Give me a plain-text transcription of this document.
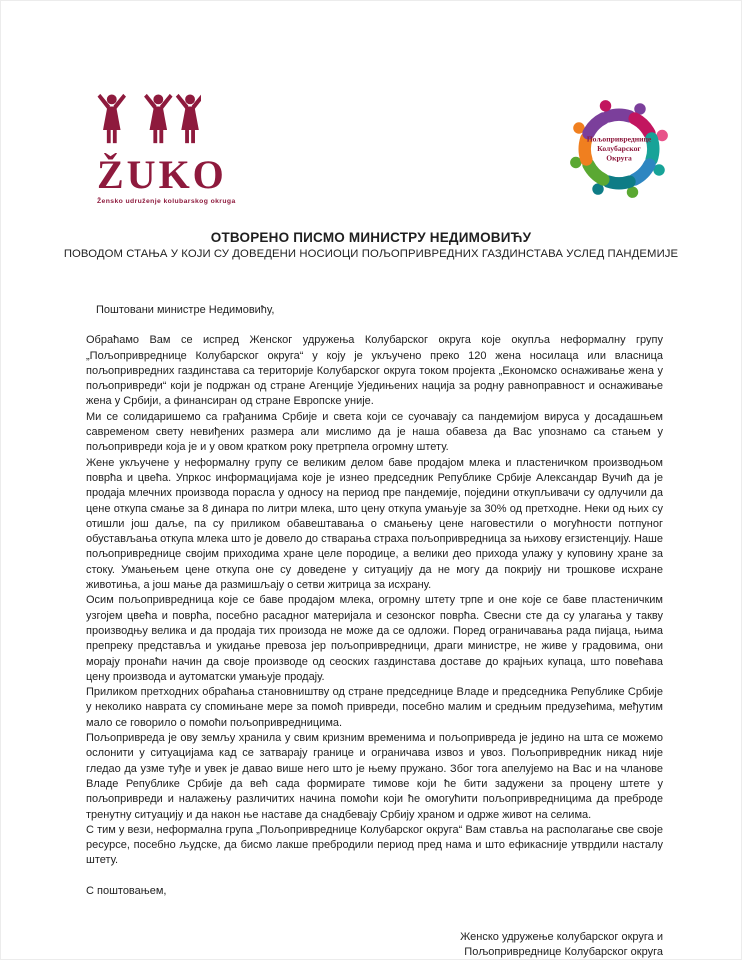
ŽUKO
Žensko udruženje kolubarskog okruga
Пољопривреднице
Колубарског
Округа
ОТВОРЕНО ПИСМО МИНИСТРУ НЕДИМОВИЋУ
ПОВОДОМ СТАЊА У КОЈИ СУ ДОВЕДЕНИ НОСИОЦИ ПОЉОПРИВРЕДНИХ ГАЗДИНСТАВА УСЛЕД ПАНДЕМИЈЕ

Поштовани министре Недимовићу,

Обраћамо Вам се испред Женског удружења Колубарског округа које окупља неформалну групу „Пољопривреднице Колубарског округа“ у коју је укључено преко 120 жена носилаца или власница пољопривредних газдинстава са територије Колубарског округа током пројекта „Економско оснаживање жена у пољопривреди“ који је подржан од стране Агенције Уједињених нација за родну равноправност и оснаживање жена у Србији, а финансиран од стране Европске уније.

Ми се солидаришемо са грађанима Србије и света који се суочавају са пандемијом вируса у досадашњем савременом свету невиђених размера али мислимо да је наша обавеза да Вас упознамо са стањем у пољопривреди која је и у овом кратком року претрпела огромну штету.

Жене укључене у неформалну групу се великим делом баве продајом млека и пластеничком производњом поврћа и цвећа. Упркос информацијама које је изнео председник Републике Србије Александар Вучић да је продаја млечних производа порасла у односу на период пре пандемије, поједини откупљивачи су одлучили да цене откупа смање за 8 динара по литри млека, што цену откупа умањује за 30% од претходне. Неки од њих су отишли још даље, па су приликом обавештавања о смањењу цене наговестили о могућности потпуног обустављања откупа млека што је довело до стварања страха пољопривредница за њихову егзистенцију. Наше пољопривреднице својим приходима хране целе породице, а велики део прихода улажу у куповину хране за стоку. Умањењем цене откупа оне су доведене у ситуацију да не могу да покрију ни трошкове исхране животиња, а још мање да размишљају о сетви житрица за исхрану.

Осим пољопривредница које се баве продајом млека, огромну штету трпе и оне које се баве пластеничким узгојем цвећа и поврћа, посебно расадног материјала и сезонског поврћа. Свесни сте да су улагања у такву производњу велика и да продаја тих произода не може да се одложи. Поред ограничавања рада пијаца, њима препреку представља и укидање превоза јер пољопривредници, драги министре, не живе у градовима, они морају пронаћи начин да своје производе од сеоских газдинстава доставе до крајњих купаца, што повећава цену производа и аутоматски умањује продају.

Приликом претходних обраћања становништву од стране председнице Владе и председника Републике Србије у неколико наврата су спомињане мере за помоћ привреди, посебно малим и средњим предузећима, међутим мало се говорило о помоћи пољопривредницима.

Пољопривреда је ову земљу хранила у свим кризним временима и пољопривреда је једино на шта се можемо ослонити у ситуацијама кад се затварају границе и ограничава извоз и увоз. Пољопривредник никад није гледао да узме туђе и увек је давао више него што је њему пружано. Због тога апелујемо на Вас и на чланове Владе Републике Србије да већ сада формирате тимове који ће бити задужени за процену штете у пољопривреди и налажењу различитих начина помоћи који ће омогућити пољопривредницима да преброде тренутну ситуацију и да након ње наставе да снадбевају Србију храном и одрже живот на селима.

С тим у вези, неформална група „Пољопривреднице Колубарског округа“ Вам ставља на располагање све своје ресурсе, посебно људске, да бисмо лакше пребродили период пред нама и што ефикасније утврдили насталу штету.

С поштовањем,

Женско удружење колубарског округа и
Пољопривреднице Колубарског округа
